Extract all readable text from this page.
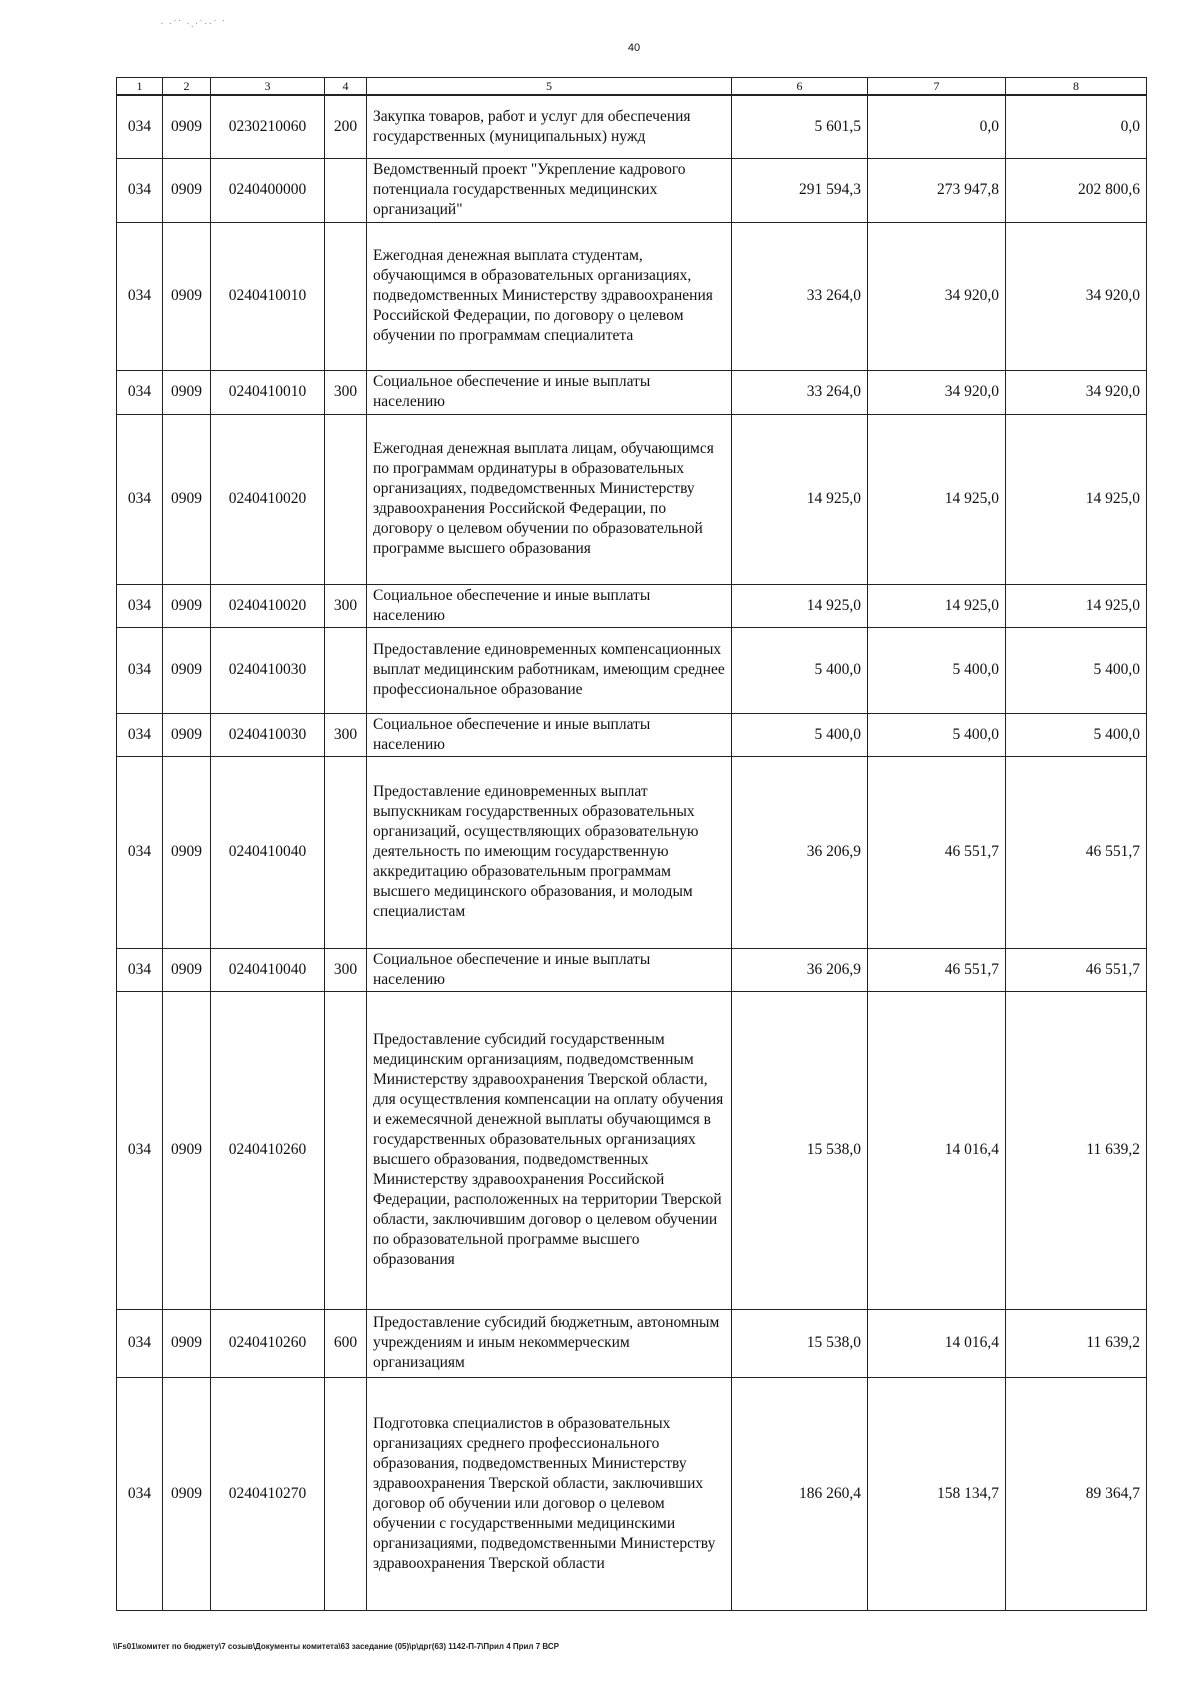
· ·˙˙ ·.·˙··˙ ˙
40
1	2	3	4	5	6	7	8
034	0909	0230210060	200	Закупка товаров, работ и услуг для обеспечения государственных (муниципальных) нужд	5 601,5	0,0	0,0
034	0909	0240400000		Ведомственный проект "Укрепление кадрового потенциала государственных медицинских организаций"	291 594,3	273 947,8	202 800,6
034	0909	0240410010		Ежегодная денежная выплата студентам, обучающимся в образовательных организациях, подведомственных Министерству здравоохранения Российской Федерации, по договору о целевом обучении по программам специалитета	33 264,0	34 920,0	34 920,0
034	0909	0240410010	300	Социальное обеспечение и иные выплаты населению	33 264,0	34 920,0	34 920,0
034	0909	0240410020		Ежегодная денежная выплата лицам, обучающимся по программам ординатуры в образовательных организациях, подведомственных Министерству здравоохранения Российской Федерации, по договору о целевом обучении по образовательной программе высшего образования	14 925,0	14 925,0	14 925,0
034	0909	0240410020	300	Социальное обеспечение и иные выплаты населению	14 925,0	14 925,0	14 925,0
034	0909	0240410030		Предоставление единовременных компенсационных выплат медицинским работникам, имеющим среднее профессиональное образование	5 400,0	5 400,0	5 400,0
034	0909	0240410030	300	Социальное обеспечение и иные выплаты населению	5 400,0	5 400,0	5 400,0
034	0909	0240410040		Предоставление единовременных выплат выпускникам государственных образовательных организаций, осуществляющих образовательную деятельность по имеющим государственную аккредитацию образовательным программам высшего медицинского образования, и молодым специалистам	36 206,9	46 551,7	46 551,7
034	0909	0240410040	300	Социальное обеспечение и иные выплаты населению	36 206,9	46 551,7	46 551,7
034	0909	0240410260		Предоставление субсидий государственным медицинским организациям, подведомственным Министерству здравоохранения Тверской области, для осуществления компенсации на оплату обучения и ежемесячной денежной выплаты обучающимся в государственных образовательных организациях высшего образования, подведомственных Министерству здравоохранения Российской Федерации, расположенных на территории Тверской области, заключившим договор о целевом обучении по образовательной программе высшего образования	15 538,0	14 016,4	11 639,2
034	0909	0240410260	600	Предоставление субсидий бюджетным, автономным учреждениям и иным некоммерческим организациям	15 538,0	14 016,4	11 639,2
034	0909	0240410270		Подготовка специалистов в образовательных организациях среднего профессионального образования, подведомственных Министерству здравоохранения Тверской области, заключивших договор об обучении или договор о целевом обучении с государственными медицинскими организациями, подведомственными Министерству здравоохранения Тверской области	186 260,4	158 134,7	89 364,7
\\Fs01\комитет по бюджету\7 созыв\Документы комитета\63 заседание (05)\р\дрг(63) 1142-П-7\Прил 4 Прил 7 ВСР
